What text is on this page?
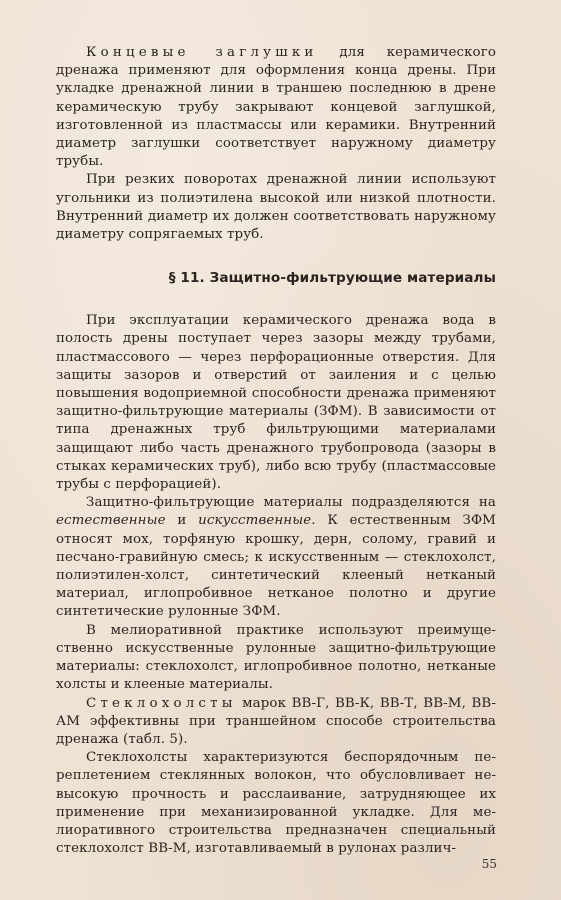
Концевые заглушки для керамического дренажа применяют для оформления конца дрены. При укладке дренажной линии в траншею последнюю в дрене керамическую трубу закрывают концевой заглушкой, изготовленной из пластмассы или керамики. Внутренний диаметр заглушки соответствует наружному диаметру трубы.

При резких поворотах дренажной линии используют угольники из полиэтилена высокой или низкой плотности. Внутренний диаметр их должен соответствовать наружному диаметру сопрягаемых труб.

§ 11. Защитно-фильтрующие материалы

При эксплуатации керамического дренажа вода в полость дрены поступает через зазоры между трубами, пластмассового — через перфорационные отверстия. Для защиты зазоров и отверстий от заиления и с целью повышения водоприемной способности дренажа применяют защитно-фильтрующие материалы (ЗФМ). В зависимости от типа дренажных труб фильтрующими материалами защищают либо часть дренажного трубопровода (зазоры в стыках керамических труб), либо всю трубу (пластмассовые трубы с перфорацией).

Защитно-фильтрующие материалы подразделяются на естественные и искусственные. К естественным ЗФМ относят мох, торфяную крошку, дерн, солому, гравий и песчано-гравийную смесь; к искусственным — стеклохолст, полиэтилен-холст, синтетический клееный нетканый материал, иглопробивное нетканое полотно и другие синтетические рулонные ЗФМ.

В мелиоративной практике используют преимущественно искусственные рулонные защитно-фильтрующие материалы: стеклохолст, иглопробивное полотно, нетканые холсты и клееные материалы.

Стеклохолсты марок ВВ-Г, ВВ-К, ВВ-Т, ВВ-М, ВВ-АМ эффективны при траншейном способе строительства дренажа (табл. 5).

Стеклохолсты характеризуются беспорядочным переплетением стеклянных волокон, что обусловливает невысокую прочность и расслаивание, затрудняющее их применение при механизированной укладке. Для мелиоративного строительства предназначен специальный стеклохолст ВВ-М, изготавливаемый в рулонах различ-

55
